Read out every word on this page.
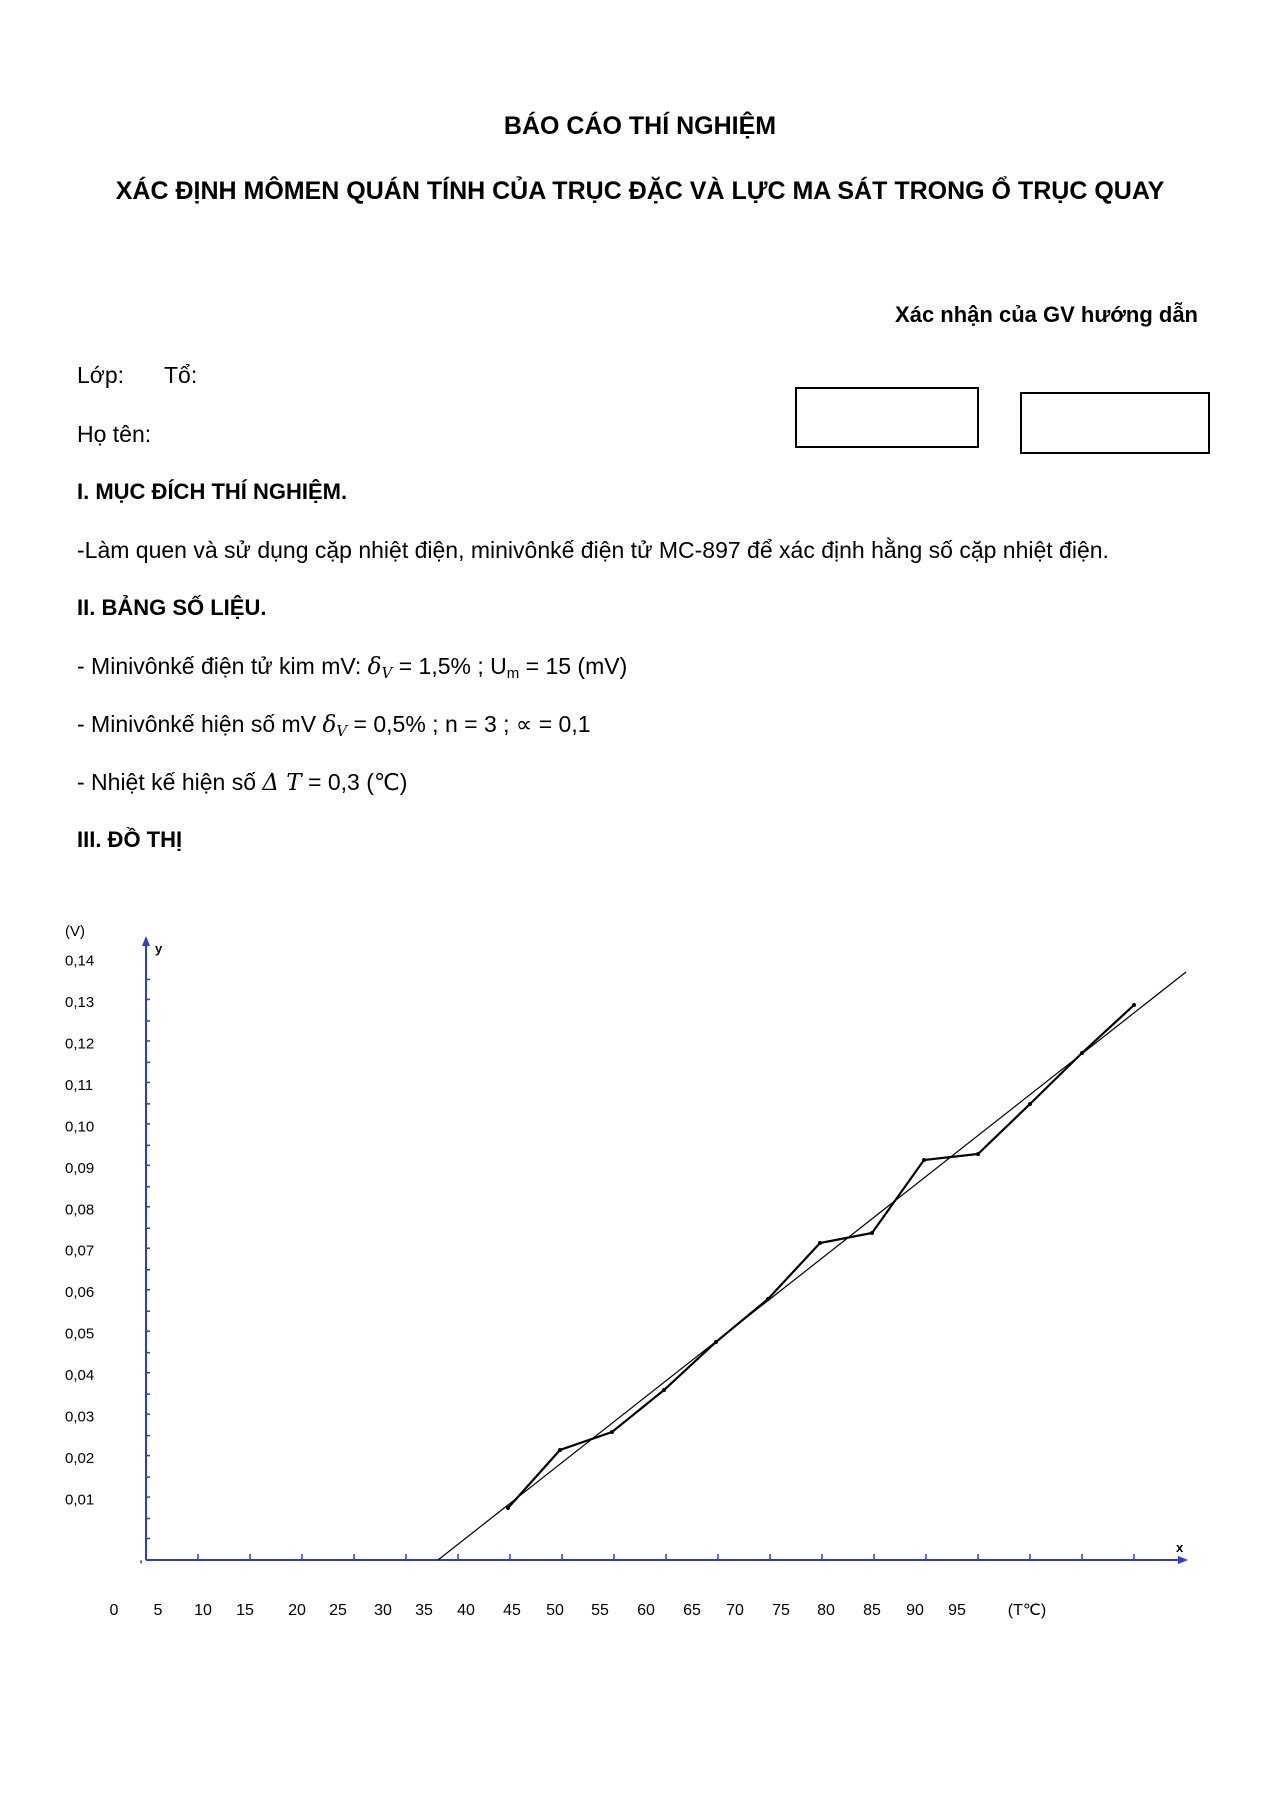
BÁO CÁO THÍ NGHIỆM
XÁC ĐỊNH MÔMEN QUÁN TÍNH CỦA TRỤC ĐẶC VÀ LỰC MA SÁT TRONG Ổ TRỤC QUAY
Xác nhận của GV hướng dẫn
Lớp: Tổ:
Họ tên:
I. MỤC ĐÍCH THÍ NGHIỆM.
-Làm quen và sử dụng cặp nhiệt điện, minivônkế điện tử MC-897 để xác định hằng số cặp nhiệt điện.
II. BẢNG SỐ LIỆU.
- Minivônkế điện tử kim mV: $\delta_V = 1,5\%$ ; $U_m = 15$ (mV)
- Minivônkế hiện số mV $\delta_V = 0,5\%$ ; n = 3 ; ∝ = 0,1
- Nhiệt kế hiện số Δ T = 0,3 (℃)
III. ĐỒ THỊ
0,01
0,02
0,03
0,04
0,05
0,06
0,07
0,08
0,09
0,10
0,11
0,12
0,13
0,14
0 5 10 15 20 25 30 35 40 45 50 55 60 65 70 75 80 85 90 95	(T℃)
(V)
y
x
,
